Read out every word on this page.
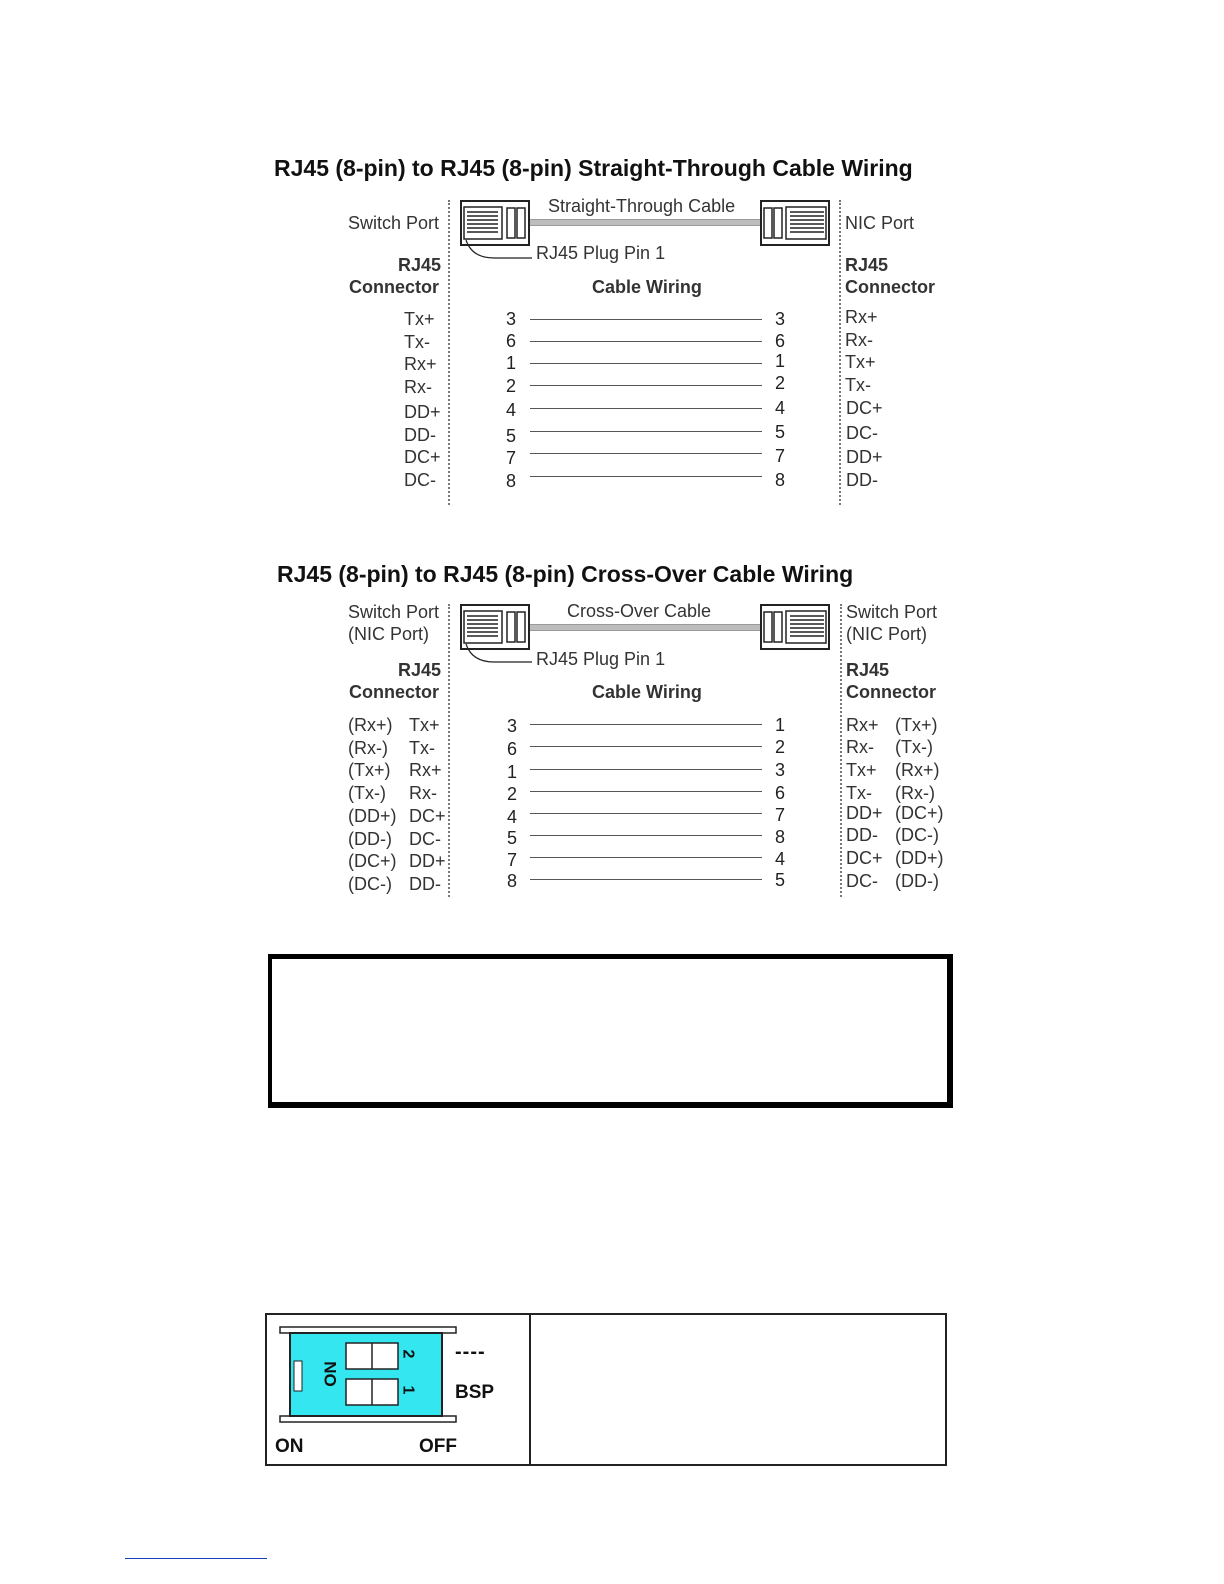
RJ45 (8-pin) to RJ45 (8-pin) Straight-Through Cable Wiring
Switch Port	NIC Port
RJ45 Plug Pin 1
Straight-Through Cable
RJ45
Connector
RJ45
Connector
Cable Wiring
Tx+	3	3	Rx+
Tx-	6	6	Rx-
Rx+	1	1	Tx+
Rx-	2	2	Tx-
DD+	4	4	DC+
DD-	5	5	DC-
DC+	7	7	DD+
DC-	8	8	DD-
RJ45 (8-pin) to RJ45 (8-pin) Cross-Over Cable Wiring
Switch Port
(NIC Port)
Switch Port
(NIC Port)
RJ45 Plug Pin 1
Cross-Over Cable
RJ45
Connector
RJ45
Connector
Cable Wiring
(Rx+) Tx+	3	1	Rx+ (Tx+)
(Rx-) Tx-	6	2	Rx- (Tx-)
(Tx+) Rx+	1	3	Tx+ (Rx+)
(Tx-) Rx-	2	6	Tx- (Rx-)
(DD+) DC+	4	7	DD+ (DC+)
(DD-) DC-	5	8	DD- (DC-)
(DC+) DD+	7	4	DC+ (DD+)
(DC-) DD-	8	5	DC- (DD-)
ON
2
1
----
BSP
ON	OFF
